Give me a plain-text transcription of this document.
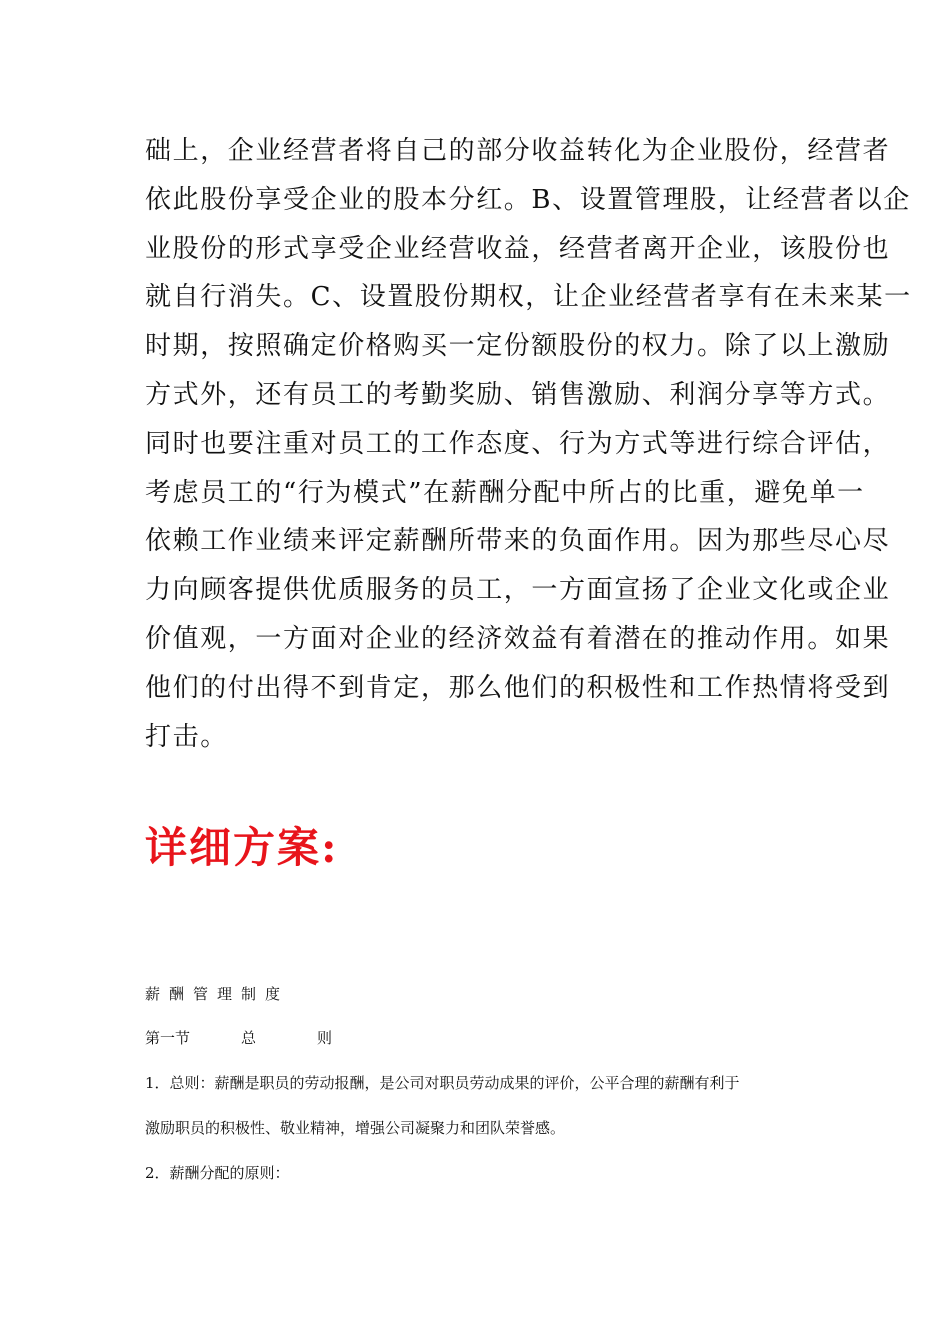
础上，企业经营者将自己的部分收益转化为企业股份，经营者
依此股份享受企业的股本分红。B、设置管理股，让经营者以企
业股份的形式享受企业经营收益，经营者离开企业，该股份也
就自行消失。C、设置股份期权，让企业经营者享有在未来某一
时期，按照确定价格购买一定份额股份的权力。除了以上激励
方式外，还有员工的考勤奖励、销售激励、利润分享等方式。
同时也要注重对员工的工作态度、行为方式等进行综合评估，
考虑员工的“行为模式”在薪酬分配中所占的比重，避免单一
依赖工作业绩来评定薪酬所带来的负面作用。因为那些尽心尽
力向顾客提供优质服务的员工，一方面宣扬了企业文化或企业
价值观，一方面对企业的经济效益有着潜在的推动作用。如果
他们的付出得不到肯定，那么他们的积极性和工作热情将受到
打击。
详细方案:
薪酬管理制度
第一节	总	则
1．总则：薪酬是职员的劳动报酬，是公司对职员劳动成果的评价，公平合理的薪酬有利于
激励职员的积极性、敬业精神，增强公司凝聚力和团队荣誉感。
2．薪酬分配的原则：
